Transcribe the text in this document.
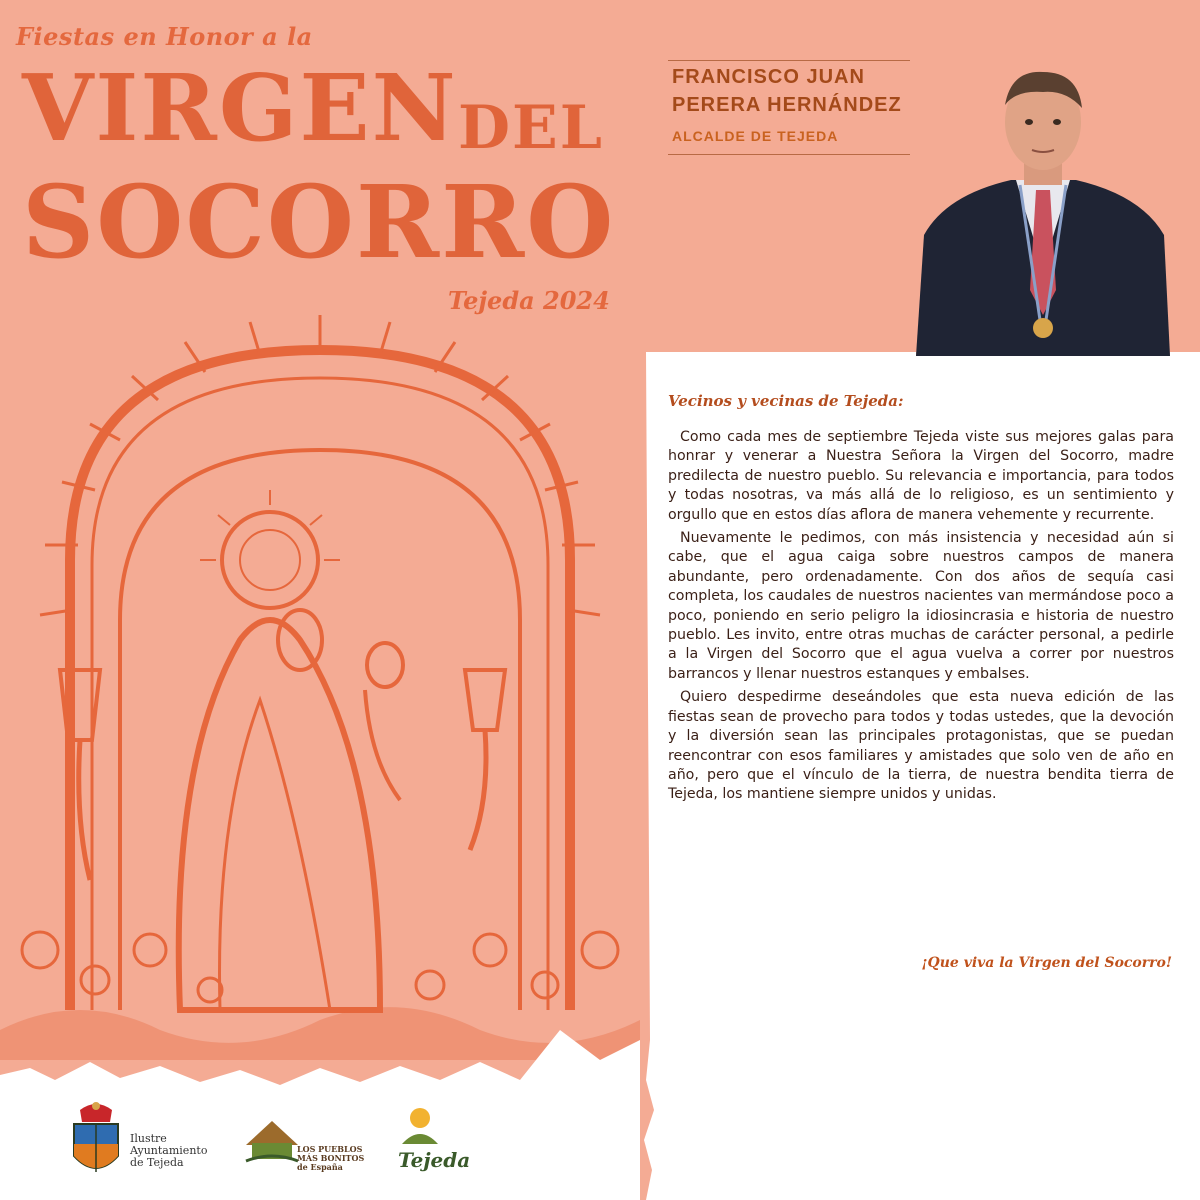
Fiestas en Honor a la
VIRGEN DEL
SOCORRO
Tejeda 2024
FRANCISCO JUAN
PERERA HERNÁNDEZ
ALCALDE DE TEJEDA
Vecinos y vecinas de Tejeda:

Como cada mes de septiembre Tejeda viste sus mejores galas para honrar y venerar a Nuestra Señora la Virgen del Socorro, madre predilecta de nuestro pueblo. Su relevancia e importancia, para todos y todas nosotras, va más allá de lo religioso, es un sentimiento y orgullo que en estos días aflora de manera vehemente y recurrente.

Nuevamente le pedimos, con más insistencia y necesidad aún si cabe, que el agua caiga sobre nuestros campos de manera abundante, pero ordenadamente. Con dos años de sequía casi completa, los caudales de nuestros nacientes van mermándose poco a poco, poniendo en serio peligro la idiosincrasia e historia de nuestro pueblo. Les invito, entre otras muchas de carácter personal, a pedirle a la Virgen del Socorro que el agua vuelva a correr por nuestros barrancos y llenar nuestros estanques y embalses.

Quiero despedirme deseándoles que esta nueva edición de las fiestas sean de provecho para todos y todas ustedes, que la devoción y la diversión sean las principales protagonistas, que se puedan reencontrar con esos familiares y amistades que solo ven de año en año, pero que el vínculo de la tierra, de nuestra bendita tierra de Tejeda, los mantiene siempre unidos y unidas.

¡Que viva la Virgen del Socorro!
Ilustre Ayuntamiento de Tejeda
LOS PUEBLOS MÁS BONITOS de España	Tejeda
